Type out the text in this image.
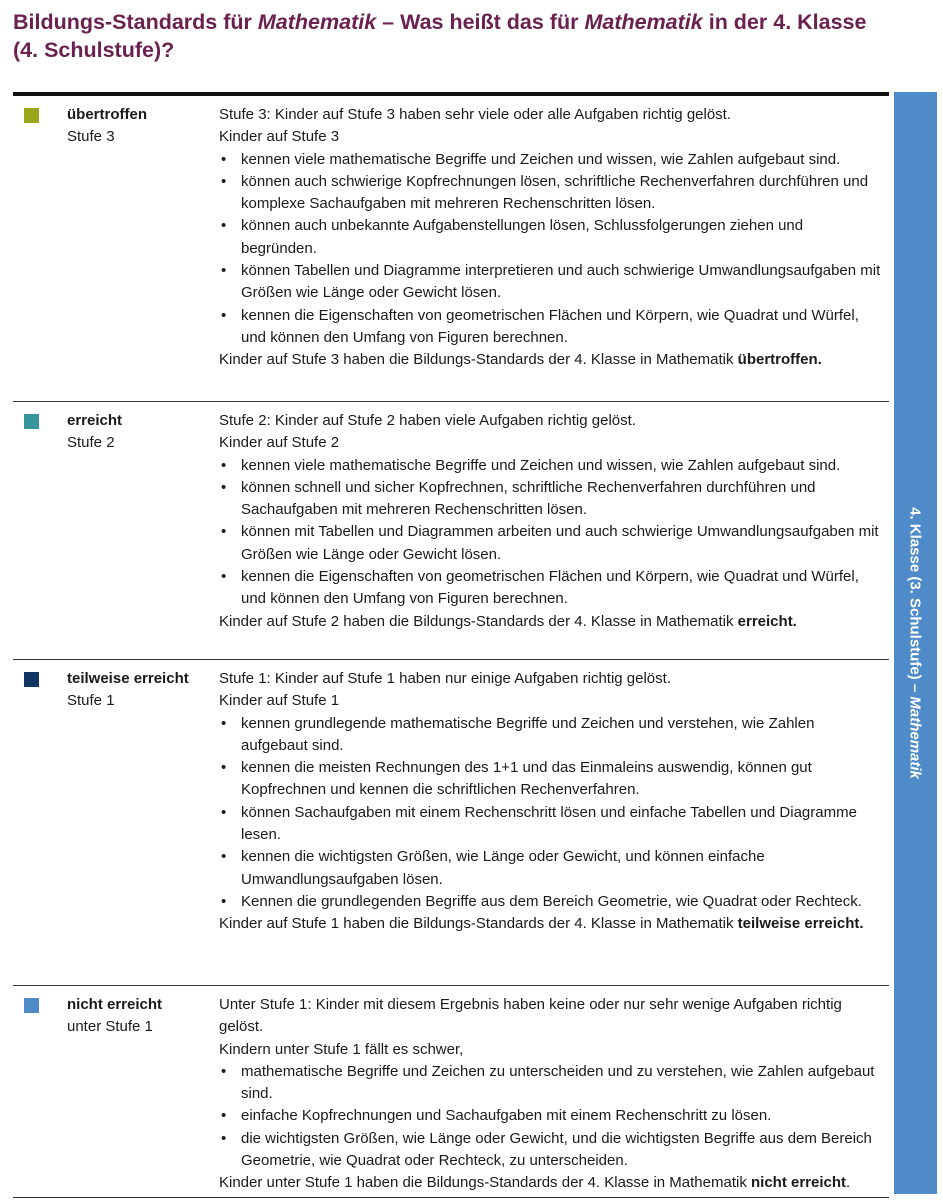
Bildungs-Standards für Mathematik – Was heißt das für Mathematik in der 4. Klasse (4. Schulstufe)?
übertroffen
Stufe 3

Stufe 3: Kinder auf Stufe 3 haben sehr viele oder alle Aufgaben richtig gelöst.

Kinder auf Stufe 3

• kennen viele mathematische Begriffe und Zeichen und wissen, wie Zahlen aufgebaut sind.
• können auch schwierige Kopfrechnungen lösen, schriftliche Rechenverfahren durchführen und komplexe Sachaufgaben mit mehreren Rechenschritten lösen.
• können auch unbekannte Aufgabenstellungen lösen, Schlussfolgerungen ziehen und begründen.
• können Tabellen und Diagramme interpretieren und auch schwierige Umwandlungsaufgaben mit Größen wie Länge oder Gewicht lösen.
• kennen die Eigenschaften von geometrischen Flächen und Körpern, wie Quadrat und Würfel, und können den Umfang von Figuren berechnen.

Kinder auf Stufe 3 haben die Bildungs-Standards der 4. Klasse in Mathematik übertroffen.

erreicht
Stufe 2

Stufe 2: Kinder auf Stufe 2 haben viele Aufgaben richtig gelöst.

Kinder auf Stufe 2

• kennen viele mathematische Begriffe und Zeichen und wissen, wie Zahlen aufgebaut sind.
• können schnell und sicher Kopfrechnen, schriftliche Rechenverfahren durchführen und Sachaufgaben mit mehreren Rechenschritten lösen.
• können mit Tabellen und Diagrammen arbeiten und auch schwierige Umwandlungsaufgaben mit Größen wie Länge oder Gewicht lösen.
• kennen die Eigenschaften von geometrischen Flächen und Körpern, wie Quadrat und Würfel, und können den Umfang von Figuren berechnen.

Kinder auf Stufe 2 haben die Bildungs-Standards der 4. Klasse in Mathematik erreicht.

teilweise erreicht
Stufe 1

Stufe 1: Kinder auf Stufe 1 haben nur einige Aufgaben richtig gelöst.

Kinder auf Stufe 1

• kennen grundlegende mathematische Begriffe und Zeichen und verstehen, wie Zahlen aufgebaut sind.
• kennen die meisten Rechnungen des 1+1 und das Einmaleins auswendig, können gut Kopfrechnen und kennen die schriftlichen Rechenverfahren.
• können Sachaufgaben mit einem Rechenschritt lösen und einfache Tabellen und Diagramme lesen.
• kennen die wichtigsten Größen, wie Länge oder Gewicht, und können einfache Umwandlungsaufgaben lösen.
• Kennen die grundlegenden Begriffe aus dem Bereich Geometrie, wie Quadrat oder Rechteck.

Kinder auf Stufe 1 haben die Bildungs-Standards der 4. Klasse in Mathematik teilweise erreicht.

nicht erreicht
unter Stufe 1

Unter Stufe 1: Kinder mit diesem Ergebnis haben keine oder nur sehr wenige Aufgaben richtig gelöst.

Kindern unter Stufe 1 fällt es schwer,

• mathematische Begriffe und Zeichen zu unterscheiden und zu verstehen, wie Zahlen aufgebaut sind.
• einfache Kopfrechnungen und Sachaufgaben mit einem Rechenschritt zu lösen.
• die wichtigsten Größen, wie Länge oder Gewicht, und die wichtigsten Begriffe aus dem Bereich Geometrie, wie Quadrat oder Rechteck, zu unterscheiden.

Kinder unter Stufe 1 haben die Bildungs-Standards der 4. Klasse in Mathematik nicht erreicht.

4. Klasse (3. Schulstufe) – Mathematik
